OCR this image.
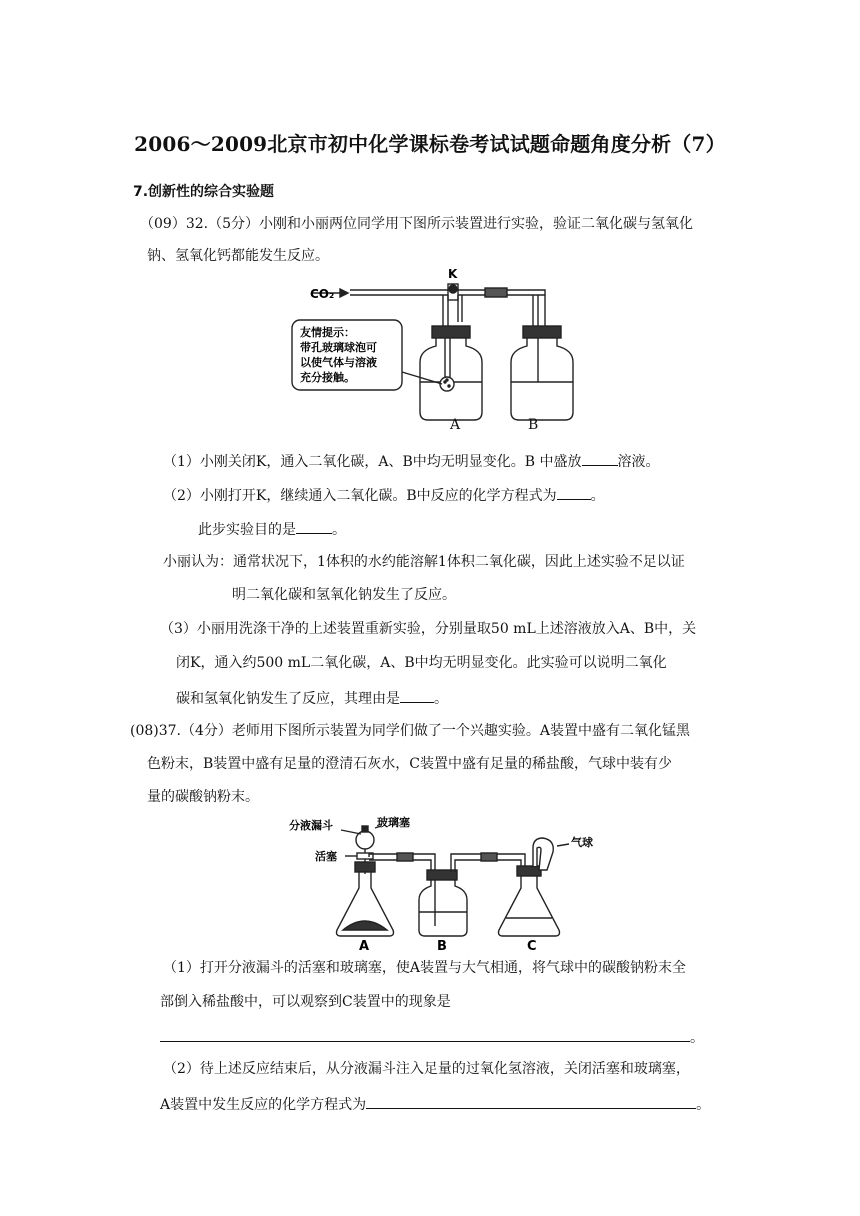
2006～2009北京市初中化学课标卷考试试题命题角度分析（7）
7.创新性的综合实验题
（09）32.（5分）小刚和小丽两位同学用下图所示装置进行实验，验证二氧化碳与氢氧化
钠、氢氧化钙都能发生反应。
CO₂
K
友情提示：
带孔玻璃球泡可
以使气体与溶液
充分接触。
A	B
（1）小刚关闭K，通入二氧化碳，A、B中均无明显变化。B 中盛放	溶液。
（2）小刚打开K，继续通入二氧化碳。B中反应的化学方程式为 。
此步实验目的是	。
小丽认为：通常状况下，1体积的水约能溶解1体积二氧化碳，因此上述实验不足以证
明二氧化碳和氢氧化钠发生了反应。
（3）小丽用洗涤干净的上述装置重新实验，分别量取50 mL上述溶液放入A、B中，关
闭K，通入约500 mL二氧化碳，A、B中均无明显变化。此实验可以说明二氧化
碳和氢氧化钠发生了反应，其理由是 。
(08)37.（4分）老师用下图所示装置为同学们做了一个兴趣实验。A装置中盛有二氧化锰黑
色粉末，B装置中盛有足量的澄清石灰水，C装置中盛有足量的稀盐酸，气球中装有少
量的碳酸钠粉末。
分液漏斗	玻璃塞
活塞
气球
A	B	C
（1）打开分液漏斗的活塞和玻璃塞，使A装置与大气相通，将气球中的碳酸钠粉末全
部倒入稀盐酸中，可以观察到C装置中的现象是
。
（2）待上述反应结束后，从分液漏斗注入足量的过氧化氢溶液，关闭活塞和玻璃塞，
A装置中发生反应的化学方程式为	。
